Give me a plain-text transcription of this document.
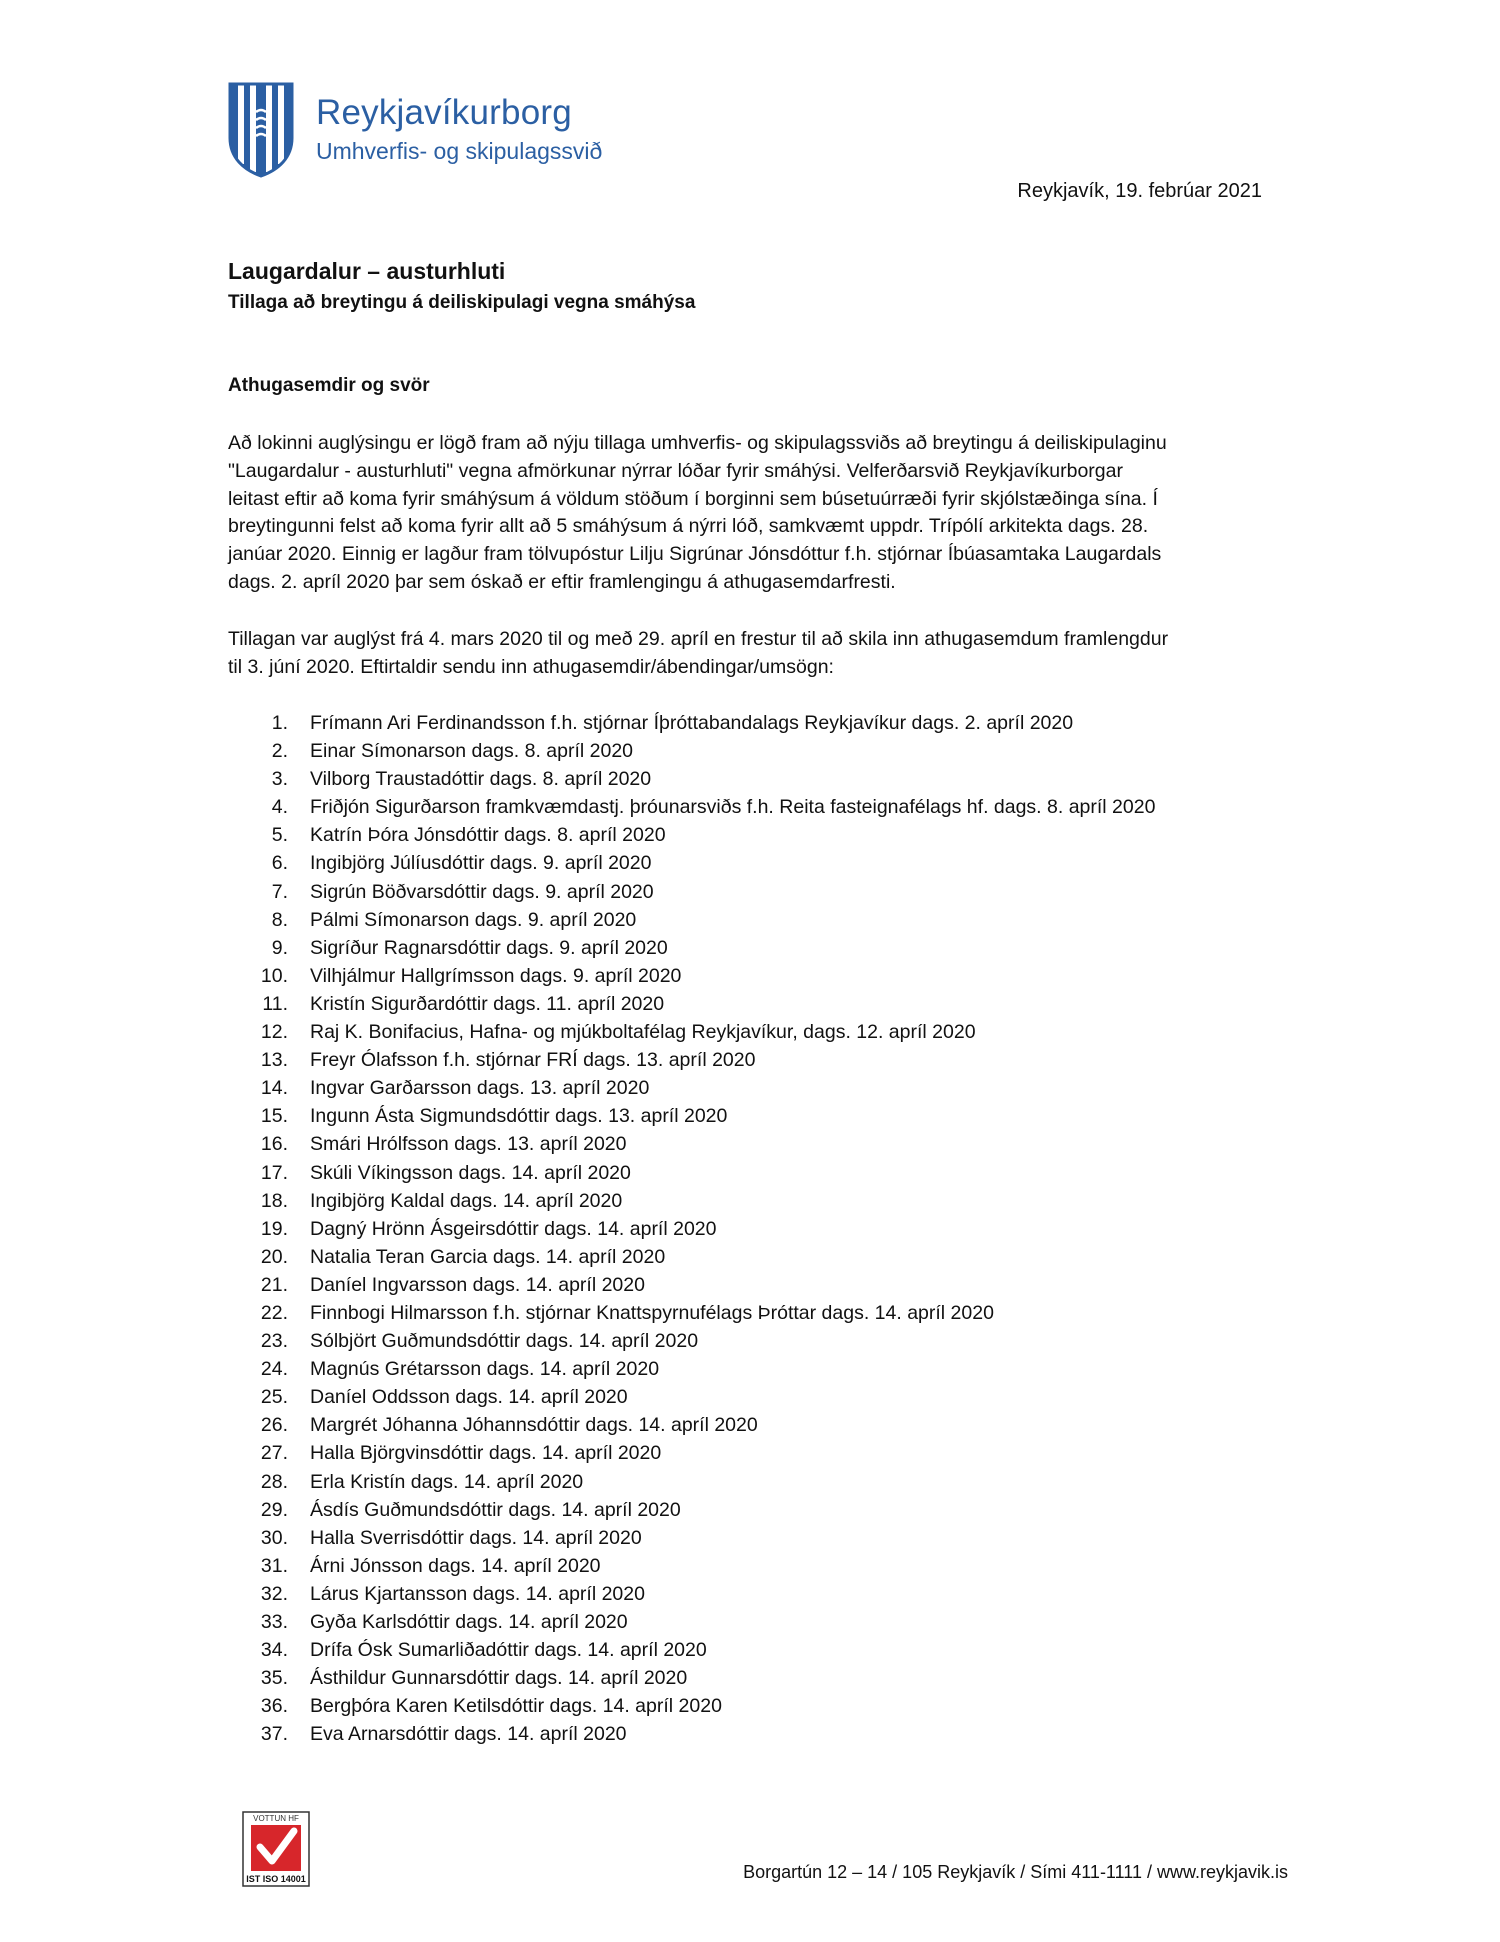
Reykjavíkurborg
Umhverfis- og skipulagssvið
Reykjavík, 19. febrúar 2021
Laugardalur – austurhluti
Tillaga að breytingu á deiliskipulagi vegna smáhýsa
Athugasemdir og svör
Að lokinni auglýsingu er lögð fram að nýju tillaga umhverfis- og skipulagssviðs að breytingu á deiliskipulaginu
"Laugardalur - austurhluti" vegna afmörkunar nýrrar lóðar fyrir smáhýsi. Velferðarsvið Reykjavíkurborgar
leitast eftir að koma fyrir smáhýsum á völdum stöðum í borginni sem búsetuúrræði fyrir skjólstæðinga sína. Í
breytingunni felst að koma fyrir allt að 5 smáhýsum á nýrri lóð, samkvæmt uppdr. Trípólí arkitekta dags. 28.
janúar 2020. Einnig er lagður fram tölvupóstur Lilju Sigrúnar Jónsdóttur f.h. stjórnar Íbúasamtaka Laugardals
dags. 2. apríl 2020 þar sem óskað er eftir framlengingu á athugasemdarfresti.
Tillagan var auglýst frá 4. mars 2020 til og með 29. apríl en frestur til að skila inn athugasemdum framlengdur
til 3. júní 2020. Eftirtaldir sendu inn athugasemdir/ábendingar/umsögn:
1.	Frímann Ari Ferdinandsson f.h. stjórnar Íþróttabandalags Reykjavíkur dags. 2. apríl 2020
2.	Einar Símonarson dags. 8. apríl 2020
3.	Vilborg Traustadóttir dags. 8. apríl 2020
4.	Friðjón Sigurðarson framkvæmdastj. þróunarsviðs f.h. Reita fasteignafélags hf. dags. 8. apríl 2020
5.	Katrín Þóra Jónsdóttir dags. 8. apríl 2020
6.	Ingibjörg Júlíusdóttir dags. 9. apríl 2020
7.	Sigrún Böðvarsdóttir dags. 9. apríl 2020
8.	Pálmi Símonarson dags. 9. apríl 2020
9.	Sigríður Ragnarsdóttir dags. 9. apríl 2020
10.	Vilhjálmur Hallgrímsson dags. 9. apríl 2020
11.	Kristín Sigurðardóttir dags. 11. apríl 2020
12.	Raj K. Bonifacius, Hafna- og mjúkboltafélag Reykjavíkur, dags. 12. apríl 2020
13.	Freyr Ólafsson f.h. stjórnar FRÍ dags. 13. apríl 2020
14.	Ingvar Garðarsson dags. 13. apríl 2020
15.	Ingunn Ásta Sigmundsdóttir dags. 13. apríl 2020
16.	Smári Hrólfsson dags. 13. apríl 2020
17.	Skúli Víkingsson dags. 14. apríl 2020
18.	Ingibjörg Kaldal dags. 14. apríl 2020
19.	Dagný Hrönn Ásgeirsdóttir dags. 14. apríl 2020
20.	Natalia Teran Garcia dags. 14. apríl 2020
21.	Daníel Ingvarsson dags. 14. apríl 2020
22.	Finnbogi Hilmarsson f.h. stjórnar Knattspyrnufélags Þróttar dags. 14. apríl 2020
23.	Sólbjört Guðmundsdóttir dags. 14. apríl 2020
24.	Magnús Grétarsson dags. 14. apríl 2020
25.	Daníel Oddsson dags. 14. apríl 2020
26.	Margrét Jóhanna Jóhannsdóttir dags. 14. apríl 2020
27.	Halla Björgvinsdóttir dags. 14. apríl 2020
28.	Erla Kristín dags. 14. apríl 2020
29.	Ásdís Guðmundsdóttir dags. 14. apríl 2020
30.	Halla Sverrisdóttir dags. 14. apríl 2020
31.	Árni Jónsson dags. 14. apríl 2020
32.	Lárus Kjartansson dags. 14. apríl 2020
33.	Gyða Karlsdóttir dags. 14. apríl 2020
34.	Drífa Ósk Sumarliðadóttir dags. 14. apríl 2020
35.	Ásthildur Gunnarsdóttir dags. 14. apríl 2020
36.	Bergþóra Karen Ketilsdóttir dags. 14. apríl 2020
37.	Eva Arnarsdóttir dags. 14. apríl 2020
VOTTUN HF
IST ISO 14001	Borgartún 12 – 14 / 105 Reykjavík / Sími 411-1111 / www.reykjavik.is
